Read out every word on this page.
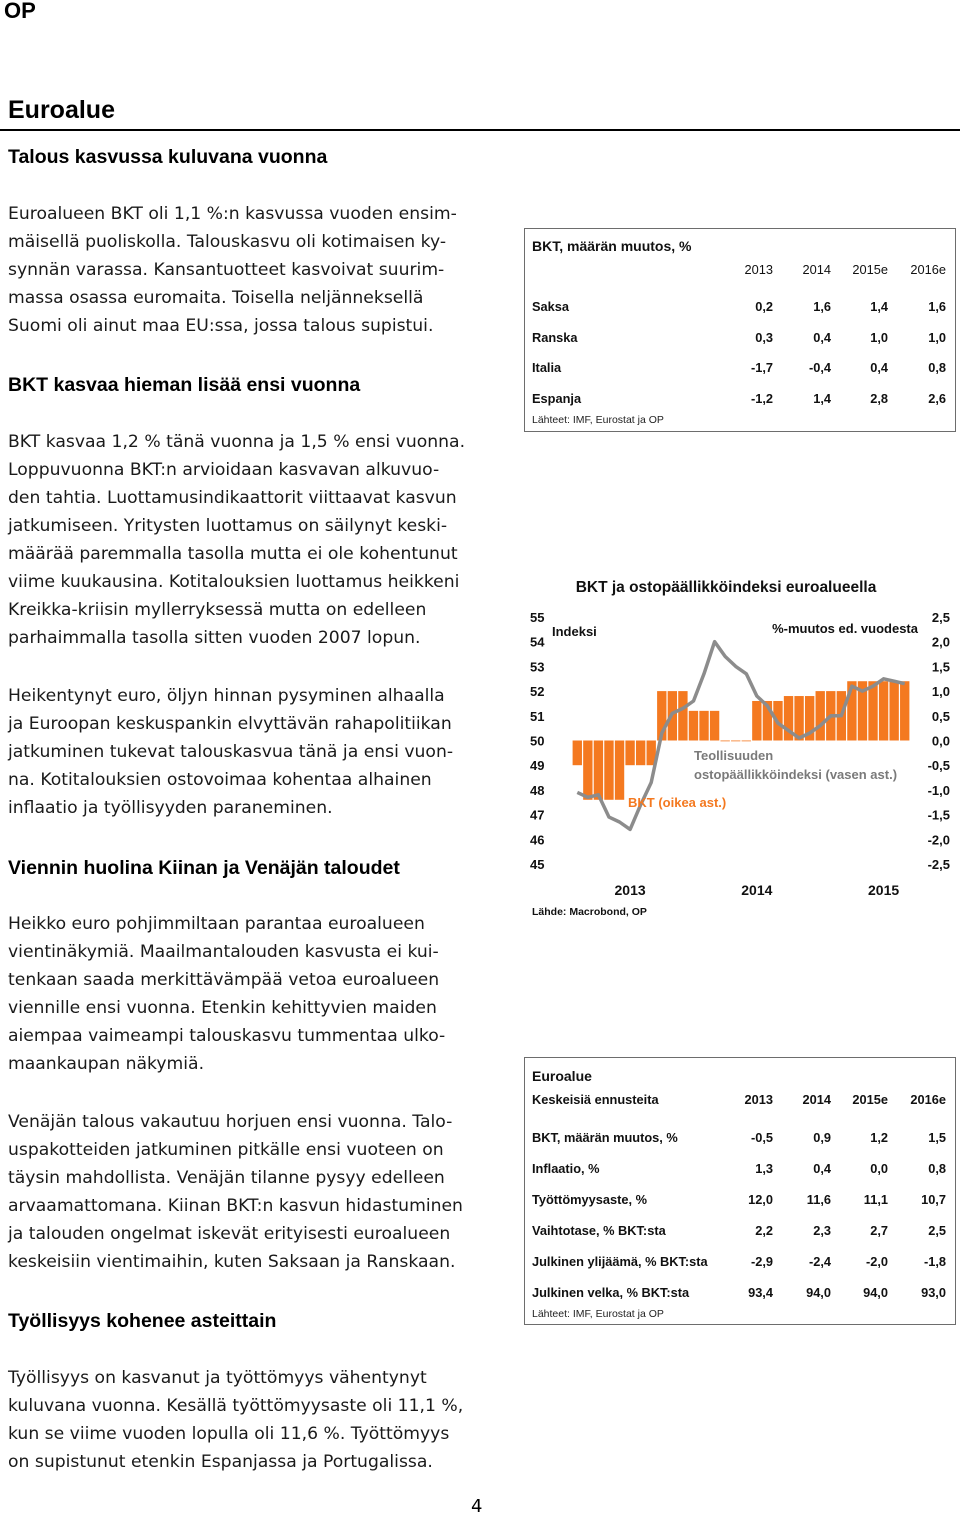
OP
Euroalue
Talous kasvussa kuluvana vuonna
Euroalueen BKT oli 1,1 %:n kasvussa vuoden ensim-
mäisellä puoliskolla. Talouskasvu oli kotimaisen ky-
synnän varassa. Kansantuotteet kasvoivat suurim-
massa osassa euromaita. Toisella neljänneksellä
Suomi oli ainut maa EU:ssa, jossa talous supistui.
BKT kasvaa hieman lisää ensi vuonna
BKT kasvaa 1,2 % tänä vuonna ja 1,5 % ensi vuonna.
Loppuvuonna BKT:n arvioidaan kasvavan alkuvuo-
den tahtia. Luottamusindikaattorit viittaavat kasvun
jatkumiseen. Yritysten luottamus on säilynyt keski-
määrää paremmalla tasolla mutta ei ole kohentunut
viime kuukausina. Kotitalouksien luottamus heikkeni
Kreikka-kriisin myllerryksessä mutta on edelleen
parhaimmalla tasolla sitten vuoden 2007 lopun.
Heikentynyt euro, öljyn hinnan pysyminen alhaalla
ja Euroopan keskuspankin elvyttävän rahapolitiikan
jatkuminen tukevat talouskasvua tänä ja ensi vuon-
na. Kotitalouksien ostovoimaa kohentaa alhainen
inflaatio ja työllisyyden paraneminen.
Viennin huolina Kiinan ja Venäjän taloudet
Heikko euro pohjimmiltaan parantaa euroalueen
vientinäkymiä. Maailmantalouden kasvusta ei kui-
tenkaan saada merkittävämpää vetoa euroalueen
viennille ensi vuonna. Etenkin kehittyvien maiden
aiempaa vaimeampi talouskasvu tummentaa ulko-
maankaupan näkymiä.
Venäjän talous vakautuu horjuen ensi vuonna. Talo-
uspakotteiden jatkuminen pitkälle ensi vuoteen on
täysin mahdollista. Venäjän tilanne pysyy edelleen
arvaamattomana. Kiinan BKT:n kasvun hidastuminen
ja talouden ongelmat iskevät erityisesti euroalueen
keskeisiin vientimaihin, kuten Saksaan ja Ranskaan.
Työllisyys kohenee asteittain
Työllisyys on kasvanut ja työttömyys vähentynyt
kuluvana vuonna. Kesällä työttömyysaste oli 11,1 %,
kun se viime vuoden lopulla oli 11,6 %. Työttömyys
on supistunut etenkin Espanjassa ja Portugalissa.
4
BKT, määrän muutos, %
2013	2014	2015e	2016e
Saksa	0,2	1,6	1,4	1,6
Ranska	0,3	0,4	1,0	1,0
Italia	-1,7	-0,4	0,4	0,8
Espanja	-1,2	1,4	2,8	2,6
Lähteet: IMF, Eurostat ja OP
BKT ja ostopäällikköindeksi euroalueella
Indeksi	%-muutos ed. vuodesta
55
54
53
52
51
50
49
48
47
46
45
2,5
2,0
1,5
1,0
0,5
0,0
-0,5
-1,0
-1,5
-2,0
-2,5
Teollisuuden
ostopäällikköindeksi (vasen ast.)
BKT (oikea ast.)
2013	2014	2015
Lähde: Macrobond, OP
Euroalue
Keskeisiä ennusteita	2013	2014	2015e	2016e
BKT, määrän muutos, %	-0,5	0,9	1,2	1,5
Inflaatio, %	1,3	0,4	0,0	0,8
Työttömyysaste, %	12,0	11,6	11,1	10,7
Vaihtotase, % BKT:sta	2,2	2,3	2,7	2,5
Julkinen ylijäämä, % BKT:sta	-2,9	-2,4	-2,0	-1,8
Julkinen velka, % BKT:sta	93,4	94,0	94,0	93,0
Lähteet: IMF, Eurostat ja OP
